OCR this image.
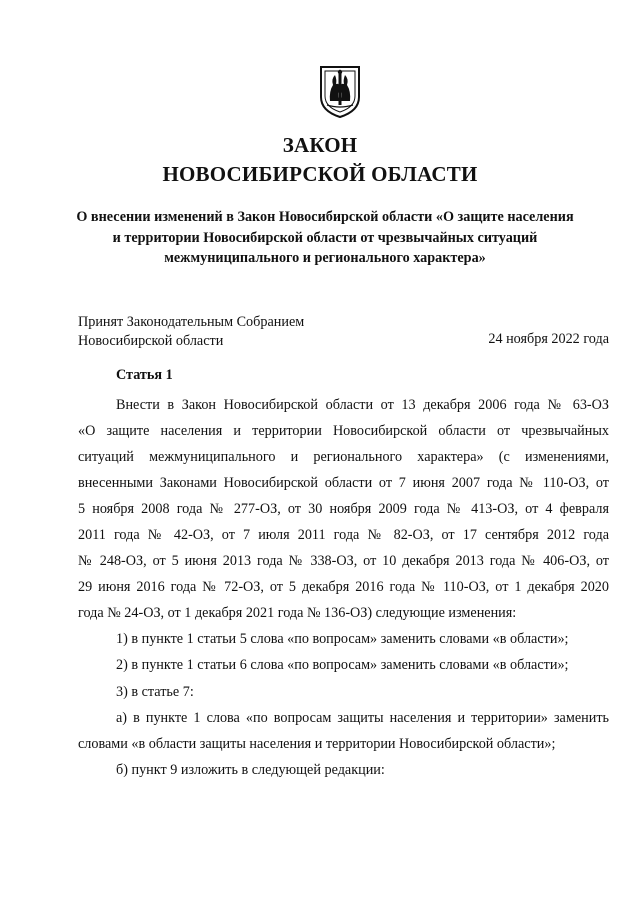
ЗАКОН
НОВОСИБИРСКОЙ ОБЛАСТИ
О внесении изменений в Закон Новосибирской области «О защите населения
и территории Новосибирской области от чрезвычайных ситуаций
межмуниципального и регионального характера»
Принят Законодательным Собранием
Новосибирской области	24 ноября 2022 года
Статья 1
Внести в Закон Новосибирской области от 13 декабря 2006 года № 63-ОЗ
«О защите населения и территории Новосибирской области от чрезвычайных
ситуаций межмуниципального и регионального характера» (с изменениями,
внесенными Законами Новосибирской области от 7 июня 2007 года № 110-ОЗ, от
5 ноября 2008 года № 277-ОЗ, от 30 ноября 2009 года № 413-ОЗ, от 4 февраля
2011 года № 42-ОЗ, от 7 июля 2011 года № 82-ОЗ, от 17 сентября 2012 года
№ 248-ОЗ, от 5 июня 2013 года № 338-ОЗ, от 10 декабря 2013 года № 406-ОЗ, от
29 июня 2016 года № 72-ОЗ, от 5 декабря 2016 года № 110-ОЗ, от 1 декабря 2020
года № 24-ОЗ, от 1 декабря 2021 года № 136-ОЗ) следующие изменения:
1) в пункте 1 статьи 5 слова «по вопросам» заменить словами «в области»;
2) в пункте 1 статьи 6 слова «по вопросам» заменить словами «в области»;
3) в статье 7:
а) в пункте 1 слова «по вопросам защиты населения и территории» заменить
словами «в области защиты населения и территории Новосибирской области»;
б) пункт 9 изложить в следующей редакции:
